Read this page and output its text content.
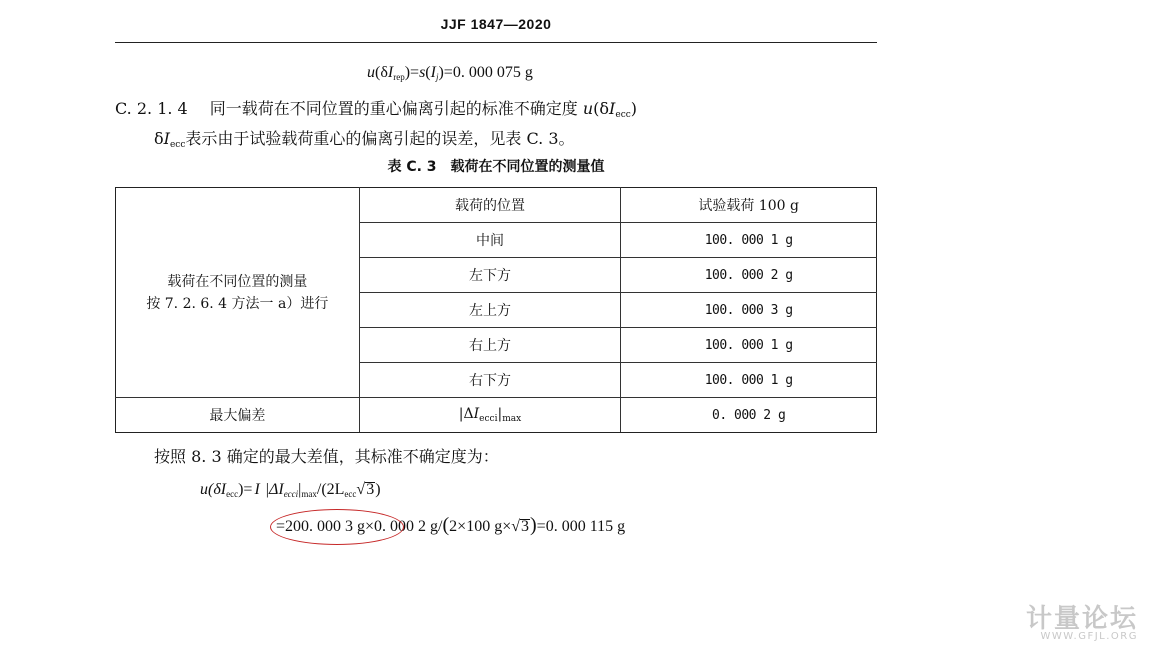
JJF 1847—2020
$u(\delta I_{rep})=s(I_j)=0$. 000 075 g
C. 2. 1. 4 同一载荷在不同位置的重心偏离引起的标准不确定度 $u(\delta I_{ecc})$
$\delta I_{ecc}$表示由于试验载荷重心的偏离引起的误差，见表 C. 3。
表 C. 3　载荷在不同位置的测量值
载荷在不同位置的测量
按 7. 2. 6. 4 方法一 a）进行	载荷的位置	试验载荷 100 g
	中间	100. 000 1 g
	左下方	100. 000 2 g
	左上方	100. 000 3 g
	右上方	100. 000 1 g
	右下方	100. 000 1 g
最大偏差	$|\Delta I_{ecci}|_{max}$	0. 000 2 g
按照 8. 3 确定的最大差值，其标准不确定度为：
$u(\delta I_{ecc})= I$ $|\Delta I_{ecci}|_{max}/(2L_{ecc}√3)$
=200. 000 3 g×0. 000 2 g/(2×100 g×√3)=0. 000 115 g
计量论坛
WWW.GFJL.ORG
